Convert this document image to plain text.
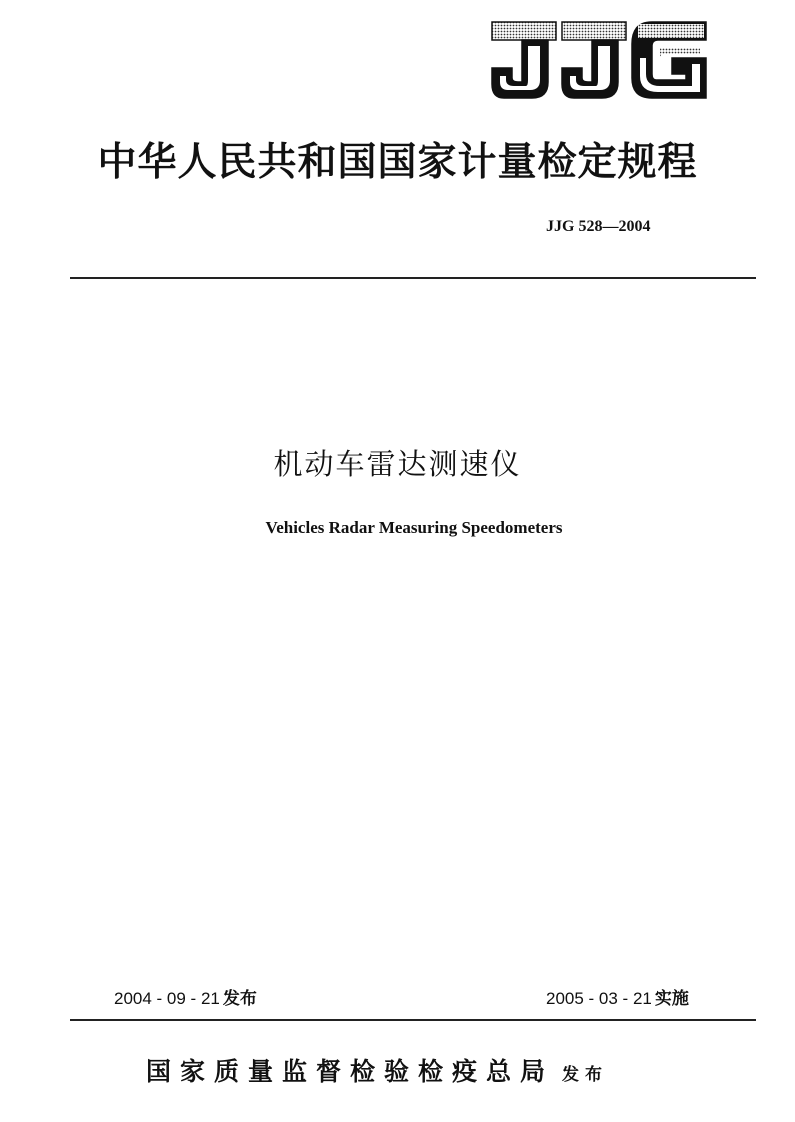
中华人民共和国国家计量检定规程
JJG 528—2004
机动车雷达测速仪
Vehicles Radar Measuring Speedometers
2004 - 09 - 21 发布	2005 - 03 - 21 实施
国家质量监督检验检疫总局 发布
